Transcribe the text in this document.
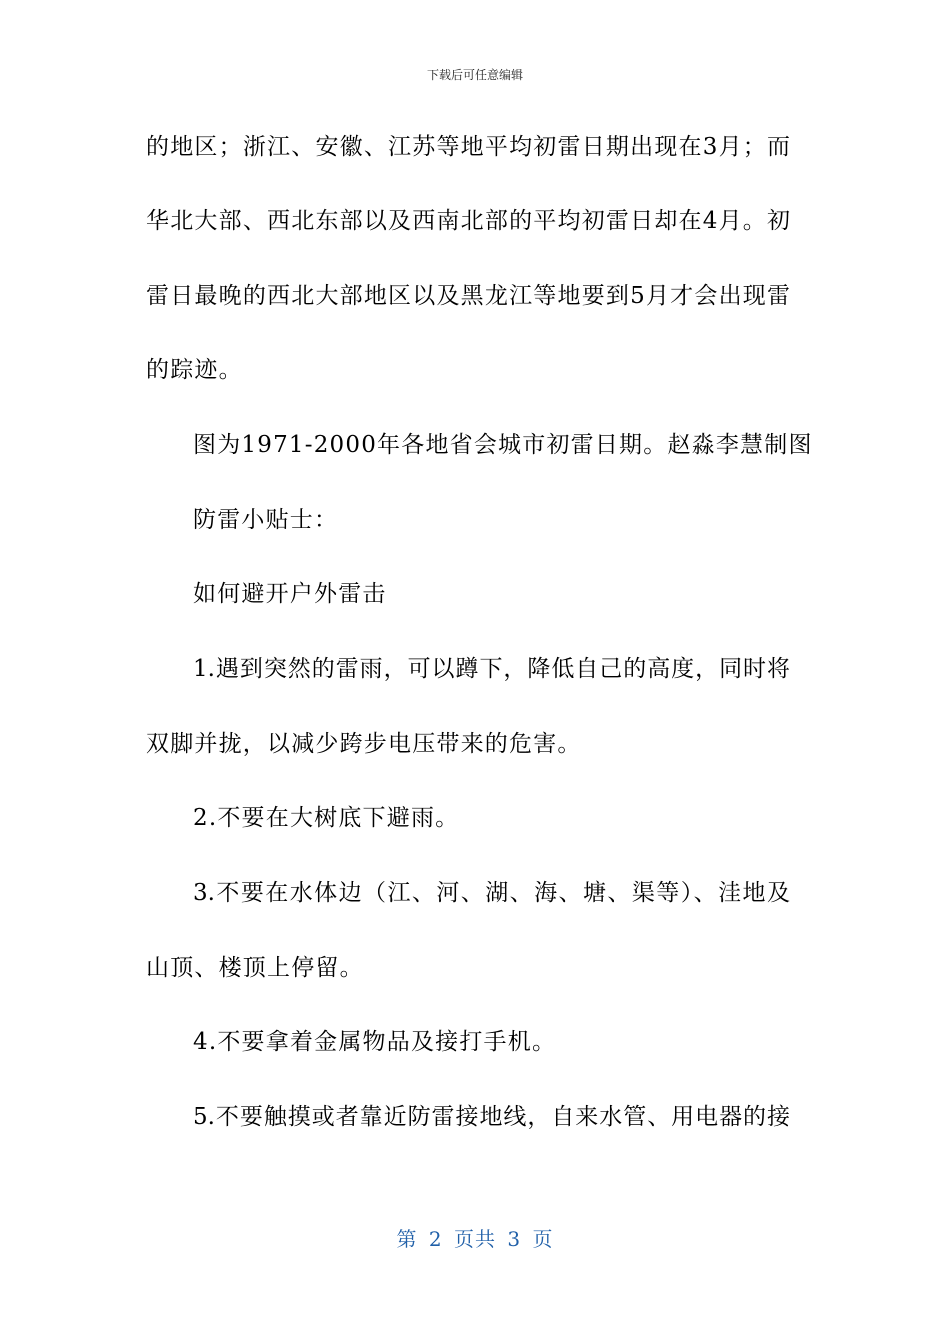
下载后可任意编辑
的地区；浙江、安徽、江苏等地平均初雷日期出现在3月；而
华北大部、西北东部以及西南北部的平均初雷日却在4月。初
雷日最晚的西北大部地区以及黑龙江等地要到5月才会出现雷
的踪迹。
图为1971-2000年各地省会城市初雷日期。赵淼李慧制图
防雷小贴士：
如何避开户外雷击
1.遇到突然的雷雨，可以蹲下，降低自己的高度，同时将
双脚并拢，以减少跨步电压带来的危害。
2.不要在大树底下避雨。
3.不要在水体边（江、河、湖、海、塘、渠等）、洼地及
山顶、楼顶上停留。
4.不要拿着金属物品及接打手机。
5.不要触摸或者靠近防雷接地线，自来水管、用电器的接
第 2 页共 3 页
